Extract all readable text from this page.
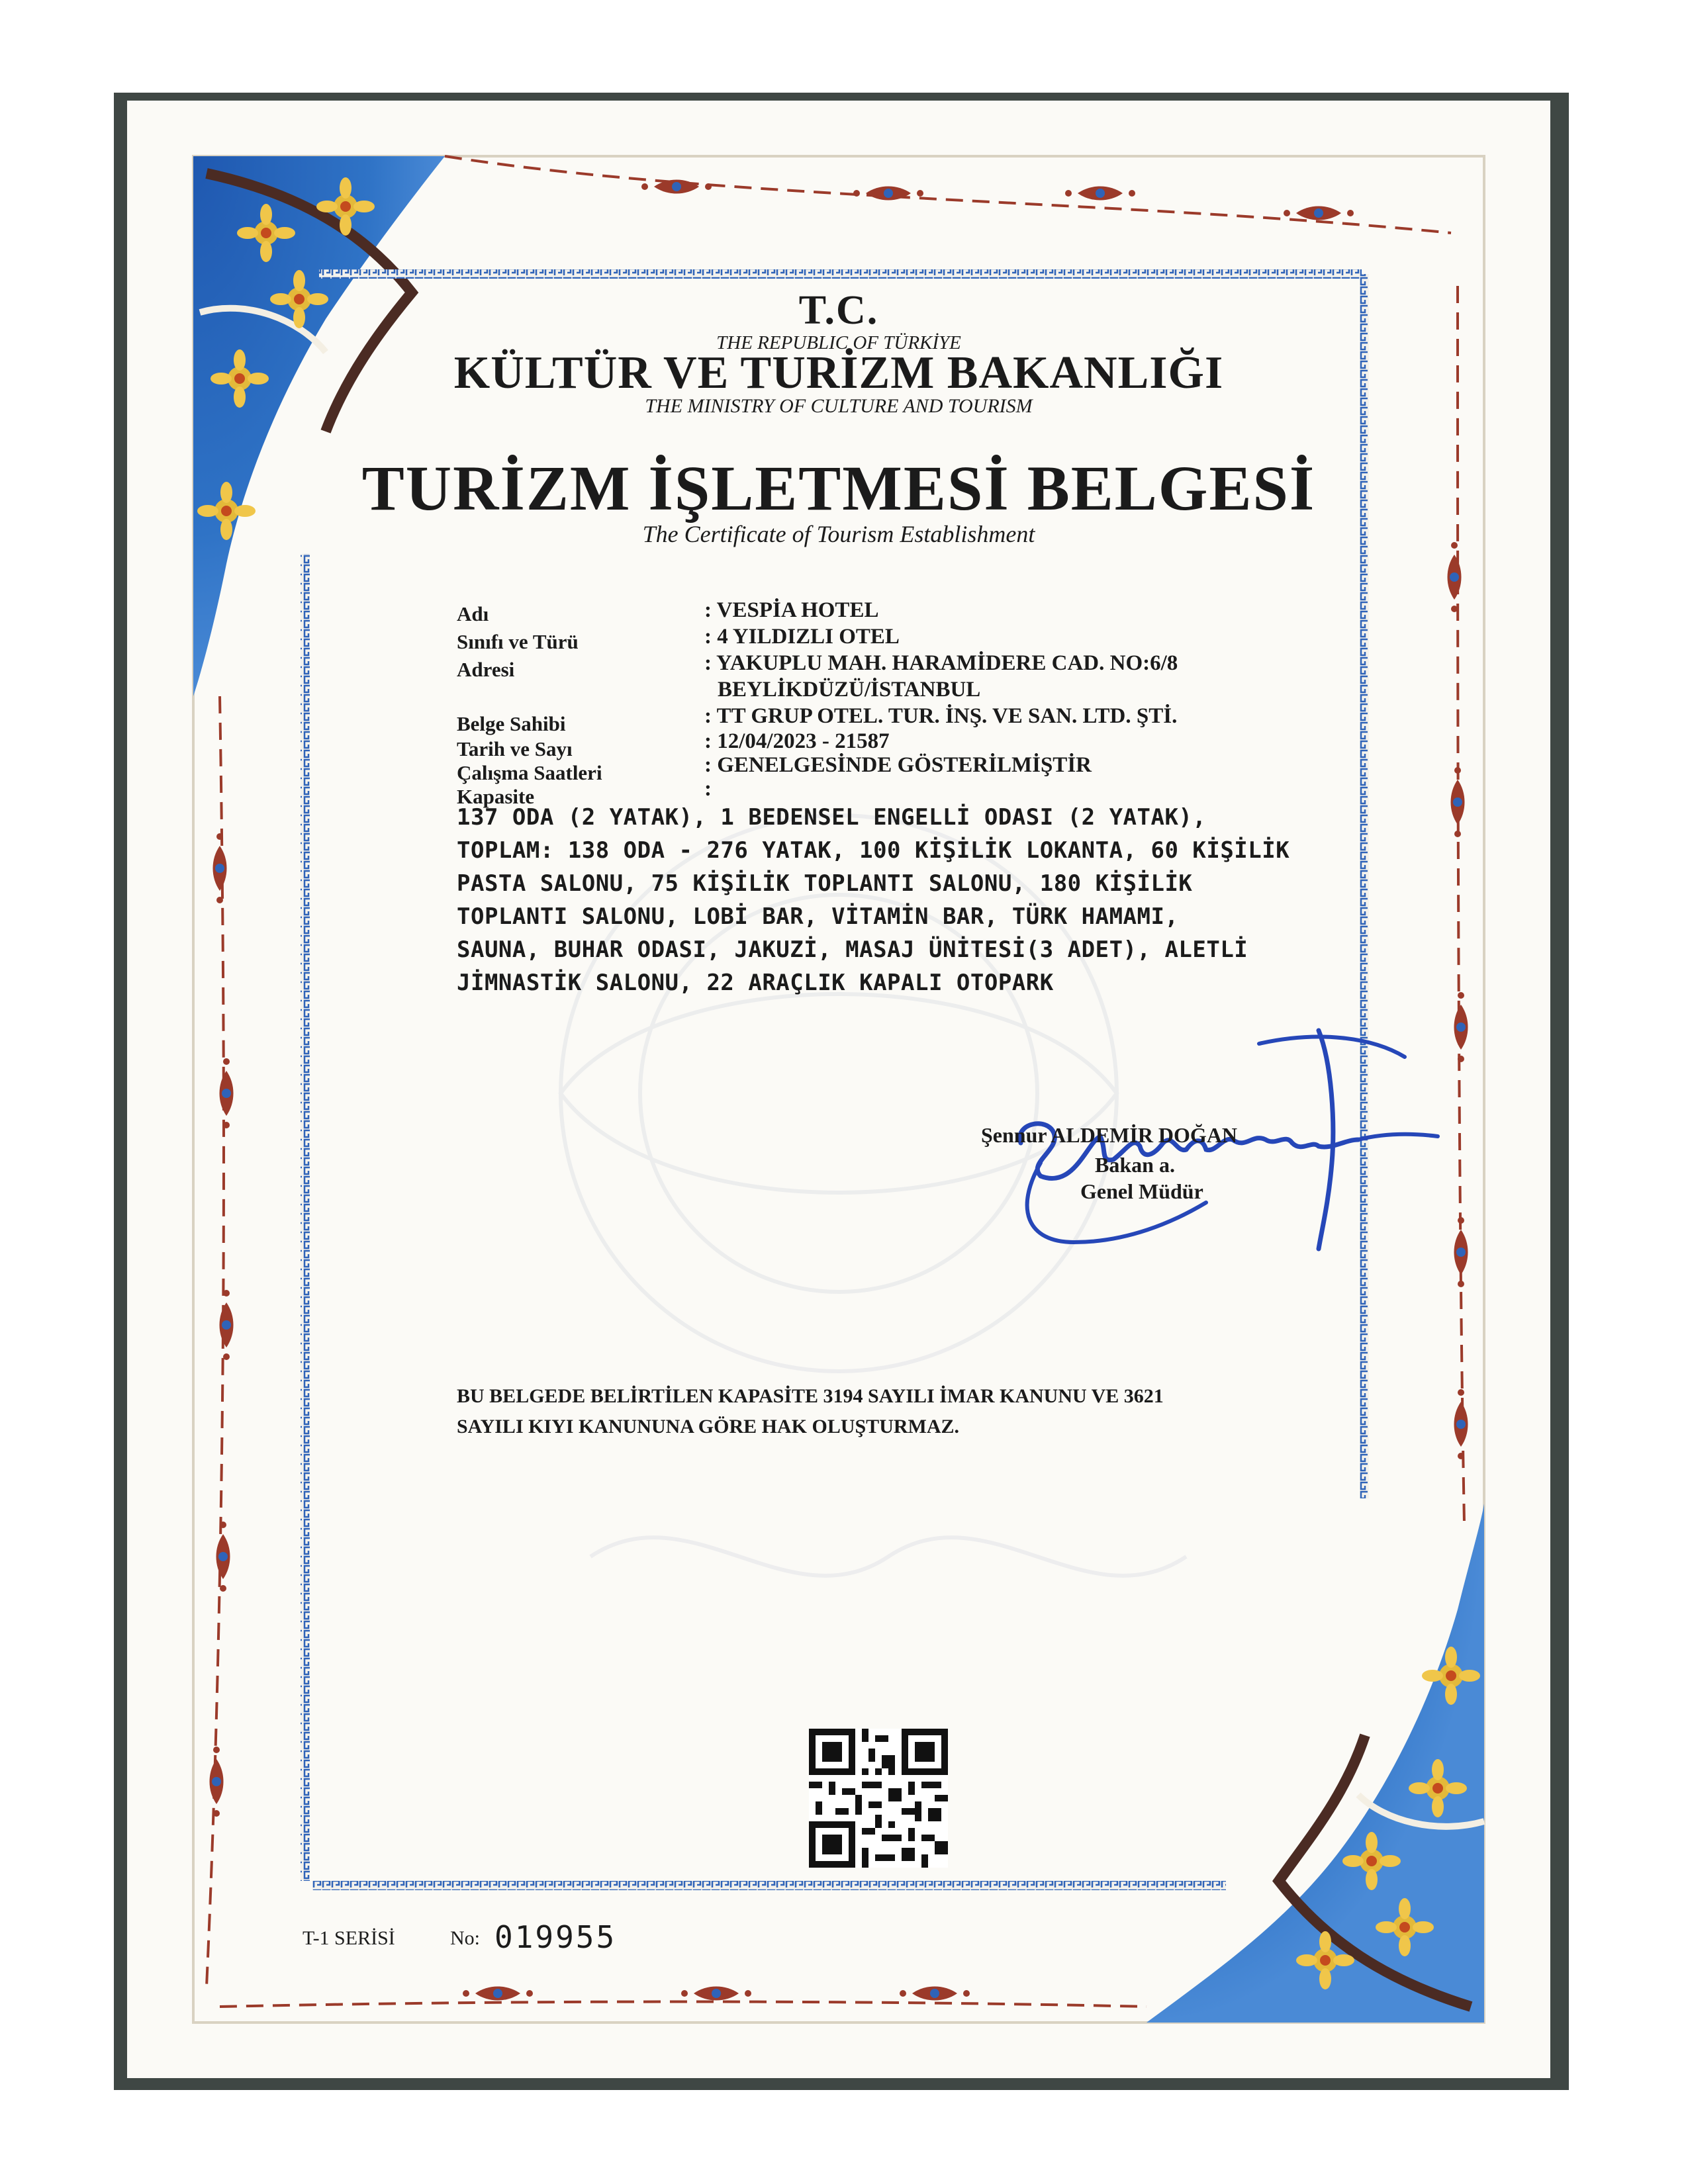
T.C.
THE REPUBLIC OF TÜRKİYE
KÜLTÜR VE TURİZM BAKANLIĞI
THE MINISTRY OF CULTURE AND TOURISM
TURİZM İŞLETMESİ BELGESİ
The Certificate of Tourism Establishment
Adı	: VESPİA HOTEL
Sınıfı ve Türü	: 4 YILDIZLI OTEL
Adresi	: YAKUPLU MAH. HARAMİDERE CAD. NO:6/8
BEYLİKDÜZÜ/İSTANBUL
Belge Sahibi	: TT GRUP OTEL. TUR. İNŞ. VE SAN. LTD. ŞTİ.
Tarih ve Sayı	: 12/04/2023 - 21587
Çalışma Saatleri	: GENELGESİNDE GÖSTERİLMİŞTİR
Kapasite	:
137 ODA (2 YATAK), 1 BEDENSEL ENGELLİ ODASI (2 YATAK),
TOPLAM: 138 ODA - 276 YATAK, 100 KİŞİLİK LOKANTA, 60 KİŞİLİK
PASTA SALONU, 75 KİŞİLİK TOPLANTI SALONU, 180 KİŞİLİK
TOPLANTI SALONU, LOBİ BAR, VİTAMİN BAR, TÜRK HAMAMI,
SAUNA, BUHAR ODASI, JAKUZİ, MASAJ ÜNİTESİ(3 ADET), ALETLİ
JİMNASTİK SALONU, 22 ARAÇLIK KAPALI OTOPARK
Şennur ALDEMİR DOĞAN
Bakan a.
Genel Müdür
BU BELGEDE BELİRTİLEN KAPASİTE 3194 SAYILI İMAR KANUNU VE 3621
SAYILI KIYI KANUNUNA GÖRE HAK OLUŞTURMAZ.
T-1 SERİSİ	No: 019955
